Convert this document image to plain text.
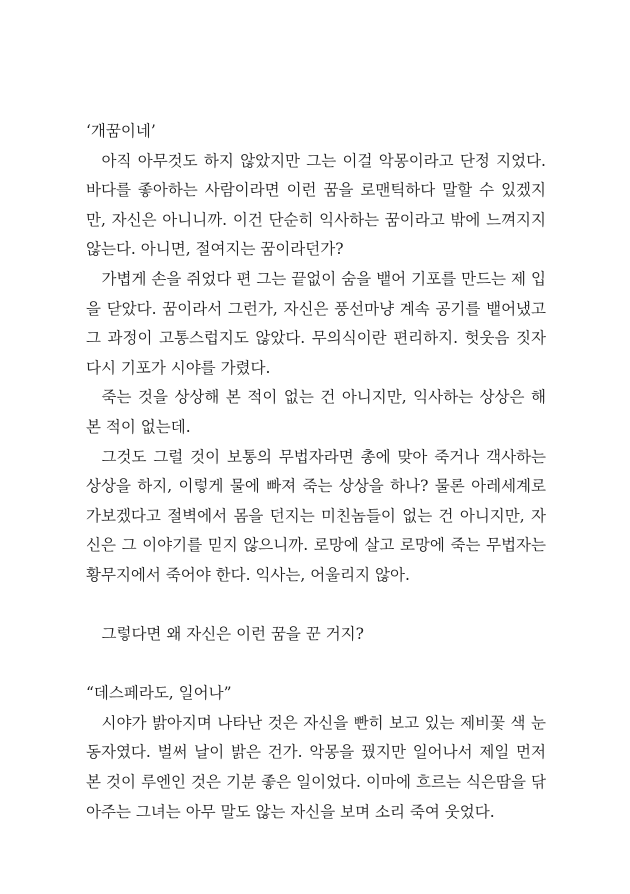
‘개꿈이네’

아직 아무것도 하지 않았지만 그는 이걸 악몽이라고 단정 지었다. 바다를 좋아하는 사람이라면 이런 꿈을 로맨틱하다 말할 수 있겠지만, 자신은 아니니까. 이건 단순히 익사하는 꿈이라고 밖에 느껴지지 않는다. 아니면, 절여지는 꿈이라던가?

가볍게 손을 쥐었다 편 그는 끝없이 숨을 뱉어 기포를 만드는 제 입을 닫았다. 꿈이라서 그런가, 자신은 풍선마냥 계속 공기를 뱉어냈고 그 과정이 고통스럽지도 않았다. 무의식이란 편리하지. 헛웃음 짓자 다시 기포가 시야를 가렸다.

죽는 것을 상상해 본 적이 없는 건 아니지만, 익사하는 상상은 해 본 적이 없는데.

그것도 그럴 것이 보통의 무법자라면 총에 맞아 죽거나 객사하는 상상을 하지, 이렇게 물에 빠져 죽는 상상을 하나? 물론 아레세계로 가보겠다고 절벽에서 몸을 던지는 미친놈들이 없는 건 아니지만, 자신은 그 이야기를 믿지 않으니까. 로망에 살고 로망에 죽는 무법자는 황무지에서 죽어야 한다. 익사는, 어울리지 않아.

그렇다면 왜 자신은 이런 꿈을 꾼 거지?

“데스페라도, 일어나”

시야가 밝아지며 나타난 것은 자신을 빤히 보고 있는 제비꽃 색 눈동자였다. 벌써 날이 밝은 건가. 악몽을 꿨지만 일어나서 제일 먼저 본 것이 루엔인 것은 기분 좋은 일이었다. 이마에 흐르는 식은땀을 닦아주는 그녀는 아무 말도 않는 자신을 보며 소리 죽여 웃었다.
